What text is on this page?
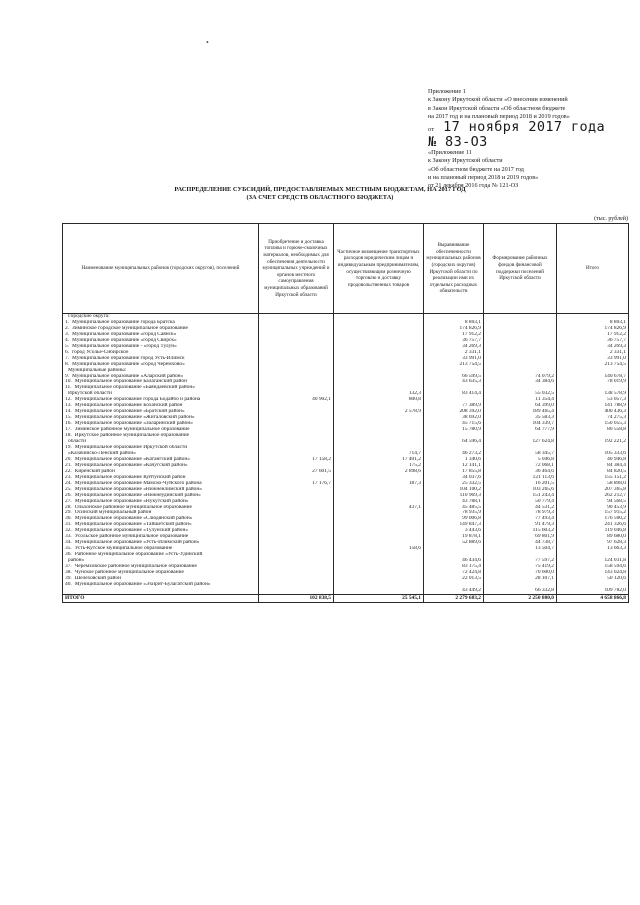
•
Приложение 1
к Закону Иркутской области «О внесении изменений
в Закон Иркутской области «Об областном бюджете
на 2017 год и на плановый период 2018 и 2019 годов»
от 17 ноября 2017 года
№ 83-ОЗ
«Приложение 11
к Закону Иркутской области
«Об областном бюджете на 2017 год
и на плановый период 2018 и 2019 годов»
от 21 декабря 2016 года № 121-ОЗ
РАСПРЕДЕЛЕНИЕ СУБСИДИЙ, ПРЕДОСТАВЛЯЕМЫХ МЕСТНЫМ БЮДЖЕТАМ, НА 2017 ГОД
(ЗА СЧЕТ СРЕДСТВ ОБЛАСТНОГО БЮДЖЕТА)
(тыс. рублей)
Наименование муниципальных районов (городских округов), поселений	Приобретение и доставка топлива и горюче-смазочных материалов, необходимых для обеспечения деятельности муниципальных учреждений и органов местного самоуправления муниципальных образований Иркутской области	Частичное возмещение транспортных расходов юридическим лицам и индивидуальным предпринимателям, осуществляющим розничную торговлю и доставку продовольственных товаров	Выравнивание обеспеченности муниципальных районов (городских округов) Иркутской области по реализации ими их отдельных расходных обязательств	Формирование районных фондов финансовой поддержки поселений Иркутской области	Итого
Городские округа:					
1. Муниципальное образование города Братска			8 803,1		8 803,1
2. Зиминское городское муниципальное образование			174 826,9		174 826,9
3. Муниципальное образование «город Саянск»			17 912,2		17 912,2
4. Муниципальное образование «город Свирск»			36 757,7		36 757,7
5. Муниципальное образование - «город Тулун»			34 269,3		34 269,3
6. город Усолье-Сибирское			2 331,1		2 331,1
7. Муниципальное образование город Усть-Илимск			33 991,0		33 991,0
8. Муниципальное образование «город Черемхово»			213 754,5		213 754,5
Муниципальные районы:					
9. Муниципальное образование «Аларский район»			66 599,5	74 079,2	140 678,7
10. Муниципальное образование Балаганский район			43 635,3	34 384,6	78 019,9
11. Муниципальное образование «Баяндаевский район»					
Иркутской области		132,3	83 414,4	55 032,5	138 578,9
12. Муниципальное образование города Бодайбо и района	40 902,1	800,8		11 354,4	53 057,3
13. Муниципальное образование Боханский район			77 389,9	64 399,0	141 788,9
14. Муниципальное образование «Братский район»		2 578,9	208 392,0	189 465,4	400 436,3
15. Муниципальное образование «Жигаловский район»			38 692,0	35 583,3	74 275,3
16. Муниципальное образование «Заларинский район»			45 715,6	104 339,7	150 055,3
17. Зиминское районное муниципальное образование			15 780,9	64 777,9	80 558,8
18. Иркутское районное муниципальное образование					
области			64 596,4	127 624,8	192 221,2
19. Муниципальное образование Иркутской области					
«Казачинско-Ленский район»		714,7	46 273,2	58 345,7	105 333,6
20. Муниципальное образование «Катангский район»	17 158,2	17 401,2	1 340,6	5 046,8	40 946,8
21. Муниципальное образование «Качугский район»		175,2	12 141,1	72 068,1	84 384,4
22. Киренский район	27 601,5	2 898,6	17 855,8	36 464,6	84 820,5
23. Муниципальное образование Куйтунский район			34 037,6	121 113,6	155 151,2
24. Муниципальное образование Мамско-Чуйского района	17 176,7	187,3	25 332,5	16 201,5	58 898,0
25. Муниципальное образование «Нижнеилимский район»			104 100,2	103 265,6	207 365,8
26. Муниципальное образование «Нижнеудинский район»			110 969,3	151 243,4	262 212,7
27. Муниципальное образование «Нукутский район»			43 788,1	50 779,4	94 568,5
28. Ольхонское районное муниципальное образование		437,1	45 485,5	44 531,2	90 453,9
29. Осинский муниципальный район			78 935,9	78 979,3	157 915,2
30. Муниципальное образование «Слюдянский район»			99 006,8	77 493,4	176 500,2
31. Муниципальное образование «Тайшетский район»			149 847,3	91 479,3	241 326,6
32. Муниципальное образование «Тулунский район»			3 443,6	115 603,2	119 046,8
33. Усольское районное муниципальное образование			19 878,1	69 801,9	89 680,0
34. Муниципальное образование «Усть-Илимский район»			52 889,6	44 738,7	97 628,3
35. Усть-Кутское муниципальное образование		158,6		13 504,7	13 663,3
36. Районное муниципальное образование «Усть-Удинский					
район»			46 434,6	77 597,2	124 031,8
37. Черемховское районное муниципальное образование			83 175,4	75 419,2	158 594,6
38. Чунское районное муниципальное образование			72 424,8	70 600,0	143 024,8
39. Шелеховский район			22 013,5	28 107,1	50 120,6
40. Муниципальное образование «Эхирит-Булагатский район»					
			43 449,2	66 332,8	109 782,0
ИТОГО	102 838,5	25 545,1	2 279 683,2	2 250 800,0	4 658 866,8
